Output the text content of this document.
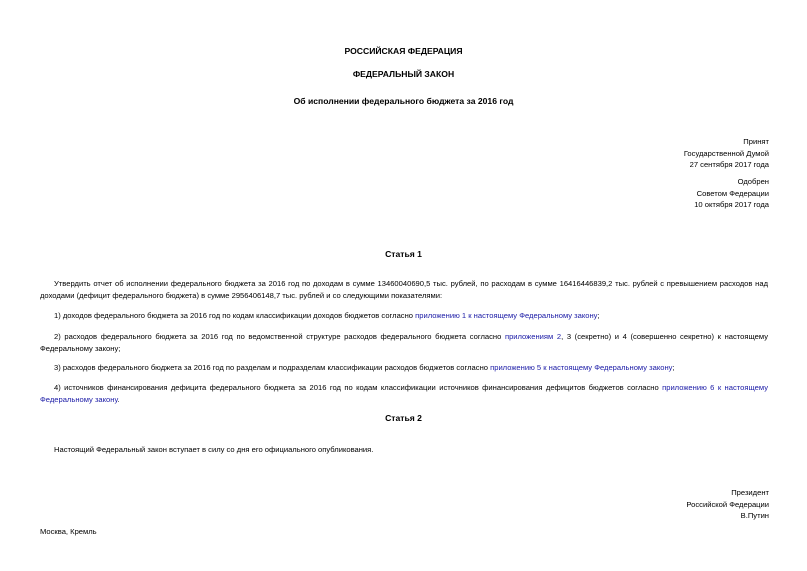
РОССИЙСКАЯ ФЕДЕРАЦИЯ
ФЕДЕРАЛЬНЫЙ ЗАКОН
Об исполнении федерального бюджета за 2016 год
Принят
Государственной Думой
27 сентября 2017 года
Одобрен
Советом Федерации
10 октября 2017 года
Статья 1
Утвердить отчет об исполнении федерального бюджета за 2016 год по доходам в сумме 13460040690,5 тыс. рублей, по расходам в сумме 16416446839,2 тыс. рублей с превышением расходов над доходами (дефицит федерального бюджета) в сумме 2956406148,7 тыс. рублей и со следующими показателями:
1) доходов федерального бюджета за 2016 год по кодам классификации доходов бюджетов согласно приложению 1 к настоящему Федеральному закону;
2) расходов федерального бюджета за 2016 год по ведомственной структуре расходов федерального бюджета согласно приложениям 2, 3 (секретно) и 4 (совершенно секретно) к настоящему Федеральному закону;
3) расходов федерального бюджета за 2016 год по разделам и подразделам классификации расходов бюджетов согласно приложению 5 к настоящему Федеральному закону;
4) источников финансирования дефицита федерального бюджета за 2016 год по кодам классификации источников финансирования дефицитов бюджетов согласно приложению 6 к настоящему Федеральному закону.
Статья 2
Настоящий Федеральный закон вступает в силу со дня его официального опубликования.
Президент
Российской Федерации
В.Путин
Москва, Кремль
